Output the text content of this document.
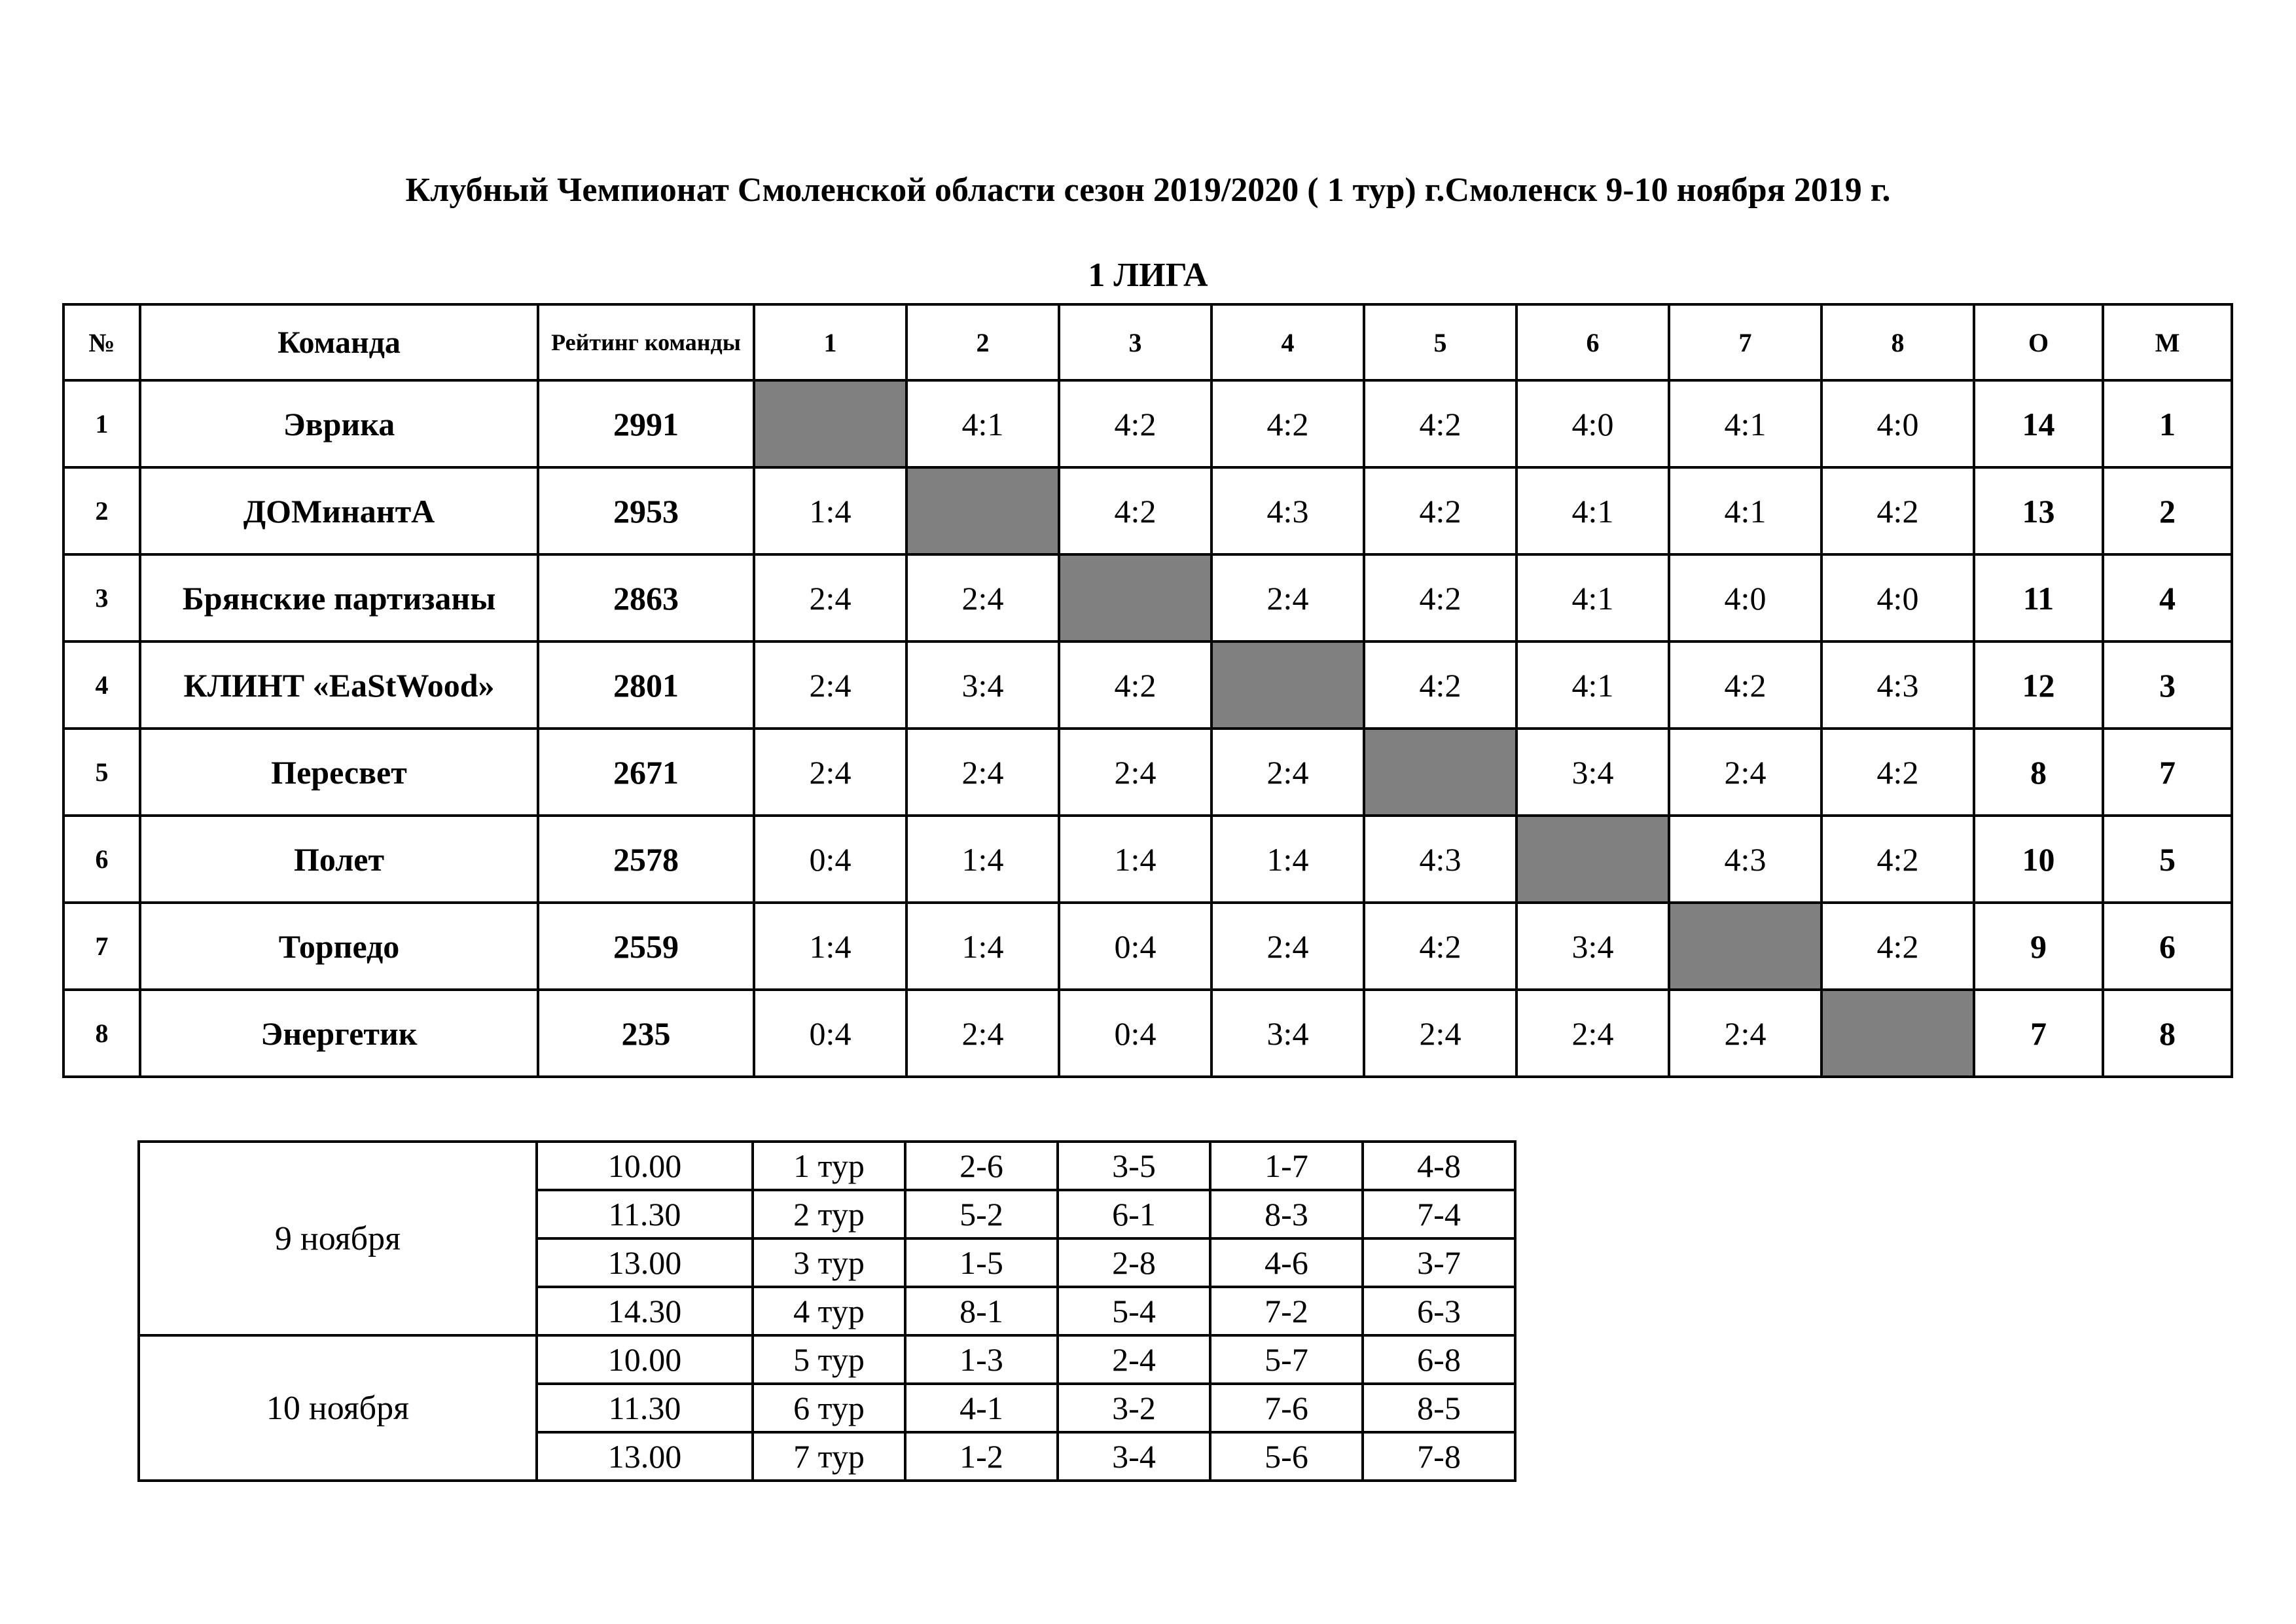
Клубный Чемпионат Смоленской области сезон 2019/2020 ( 1 тур) г.Смоленск 9-10 ноября 2019 г.
1 ЛИГА
№	Команда	Рейтинг команды	1	2	3	4	5	6	7	8	О	М
1	Эврика	2991		4:1	4:2	4:2	4:2	4:0	4:1	4:0	14	1
2	ДОМинантА	2953	1:4		4:2	4:3	4:2	4:1	4:1	4:2	13	2
3	Брянские партизаны	2863	2:4	2:4		2:4	4:2	4:1	4:0	4:0	11	4
4	КЛИНТ «EaStWood»	2801	2:4	3:4	4:2		4:2	4:1	4:2	4:3	12	3
5	Пересвет	2671	2:4	2:4	2:4	2:4		3:4	2:4	4:2	8	7
6	Полет	2578	0:4	1:4	1:4	1:4	4:3		4:3	4:2	10	5
7	Торпедо	2559	1:4	1:4	0:4	2:4	4:2	3:4		4:2	9	6
8	Энергетик	235	0:4	2:4	0:4	3:4	2:4	2:4	2:4		7	8
9 ноября	10.00	1 тур	2-6	3-5	1-7	4-8
	11.30	2 тур	5-2	6-1	8-3	7-4
	13.00	3 тур	1-5	2-8	4-6	3-7
	14.30	4 тур	8-1	5-4	7-2	6-3
10 ноября	10.00	5 тур	1-3	2-4	5-7	6-8
	11.30	6 тур	4-1	3-2	7-6	8-5
	13.00	7 тур	1-2	3-4	5-6	7-8
